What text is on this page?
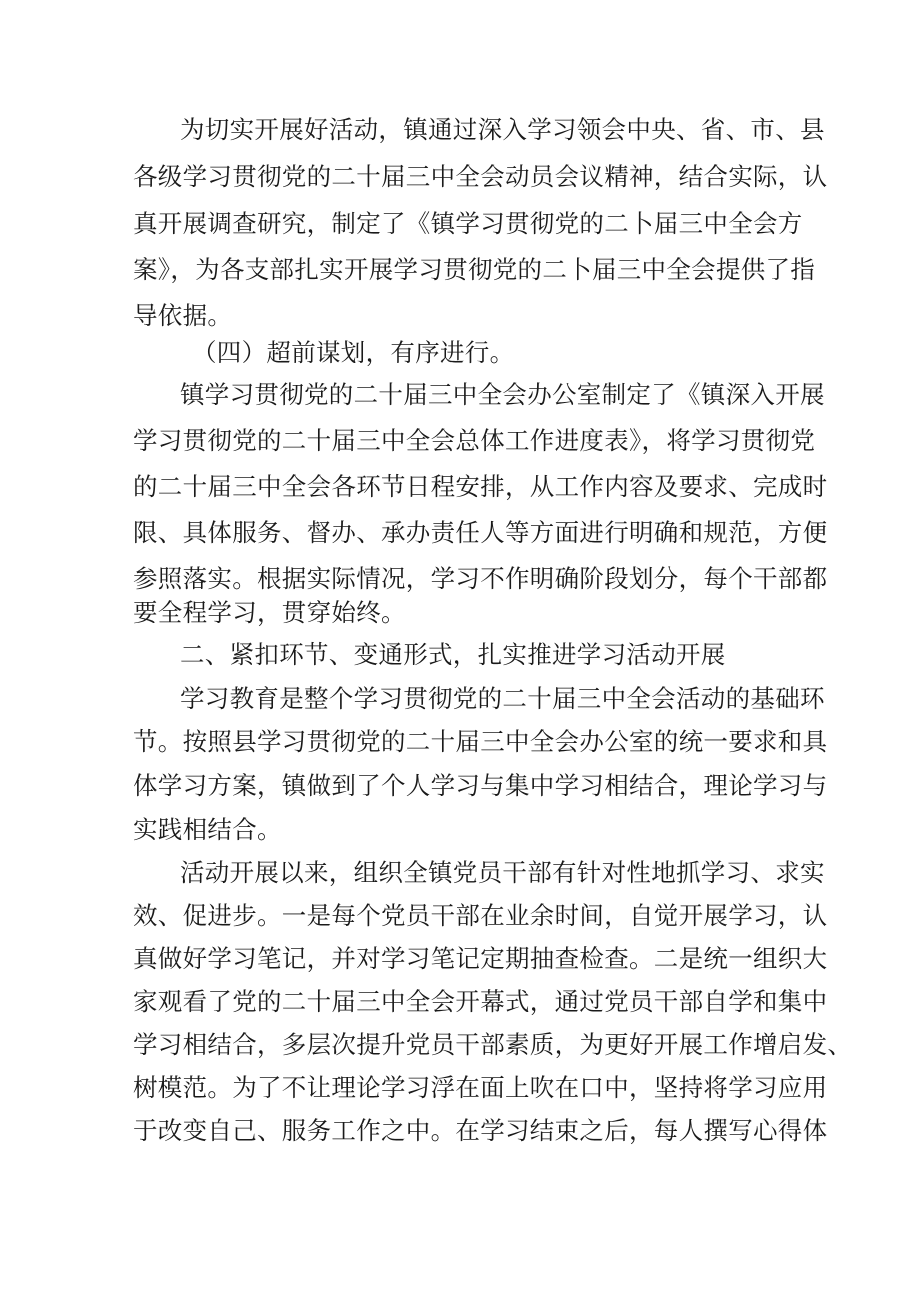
为切实开展好活动，镇通过深入学习领会中央、省、市、县
各级学习贯彻党的二十届三中全会动员会议精神，结合实际，认
真开展调查研究，制定了《镇学习贯彻党的二卜届三中全会方
案》，为各支部扎实开展学习贯彻党的二卜届三中全会提供了指
导依据。
（四）超前谋划，有序进行。
镇学习贯彻党的二十届三中全会办公室制定了《镇深入开展
学习贯彻党的二十届三中全会总体工作进度表》，将学习贯彻党
的二十届三中全会各环节日程安排，从工作内容及要求、完成时
限、具体服务、督办、承办责任人等方面进行明确和规范，方便
参照落实。根据实际情况，学习不作明确阶段划分，每个干部都
要全程学习，贯穿始终。
二、紧扣环节、变通形式，扎实推进学习活动开展
学习教育是整个学习贯彻党的二十届三中全会活动的基础环
节。按照县学习贯彻党的二十届三中全会办公室的统一要求和具
体学习方案，镇做到了个人学习与集中学习相结合，理论学习与
实践相结合。
活动开展以来，组织全镇党员干部有针对性地抓学习、求实
效、促进步。一是每个党员干部在业余时间，自觉开展学习，认
真做好学习笔记，并对学习笔记定期抽查检查。二是统一组织大
家观看了党的二十届三中全会开幕式，通过党员干部自学和集中
学习相结合，多层次提升党员干部素质，为更好开展工作增启发、
树模范。为了不让理论学习浮在面上吹在口中，坚持将学习应用
于改变自己、服务工作之中。在学习结束之后，每人撰写心得体
